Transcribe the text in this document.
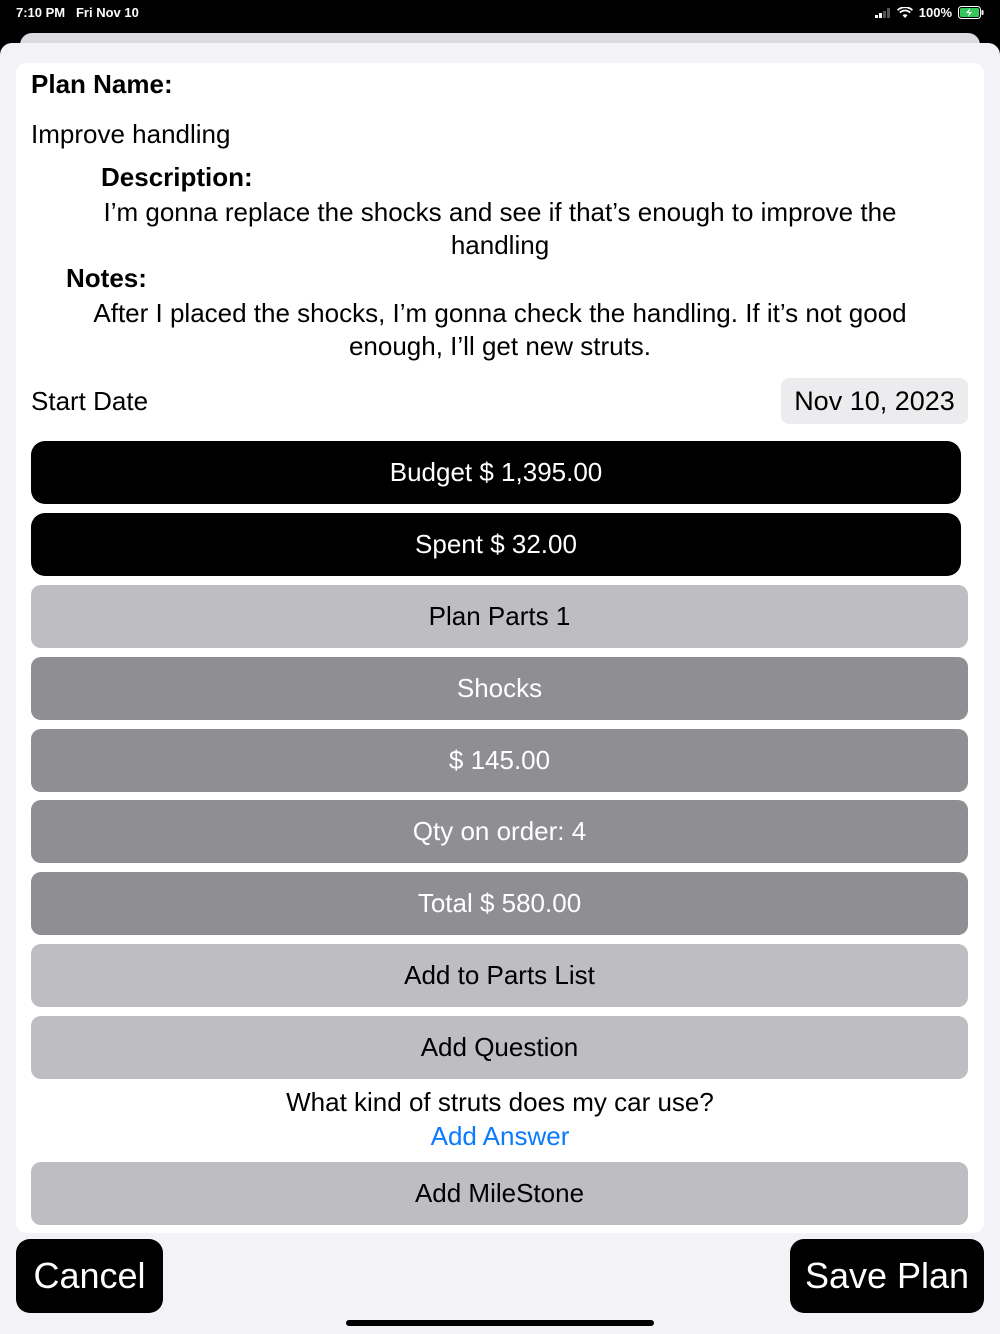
7:10 PM Fri Nov 10	100%
Plan Name:
Improve handling
Description:
I’m gonna replace the shocks and see if that’s enough to improve the handling
Notes:
After I placed the shocks, I’m gonna check the handling. If it’s not good enough, I’ll get new struts.
Start Date	Nov 10, 2023
Budget $ 1,395.00
Spent $ 32.00
Plan Parts 1
Shocks
$ 145.00
Qty on order: 4
Total $ 580.00
Add to Parts List
Add Question
What kind of struts does my car use?
Add Answer
Add MileStone
Cancel	Save Plan
